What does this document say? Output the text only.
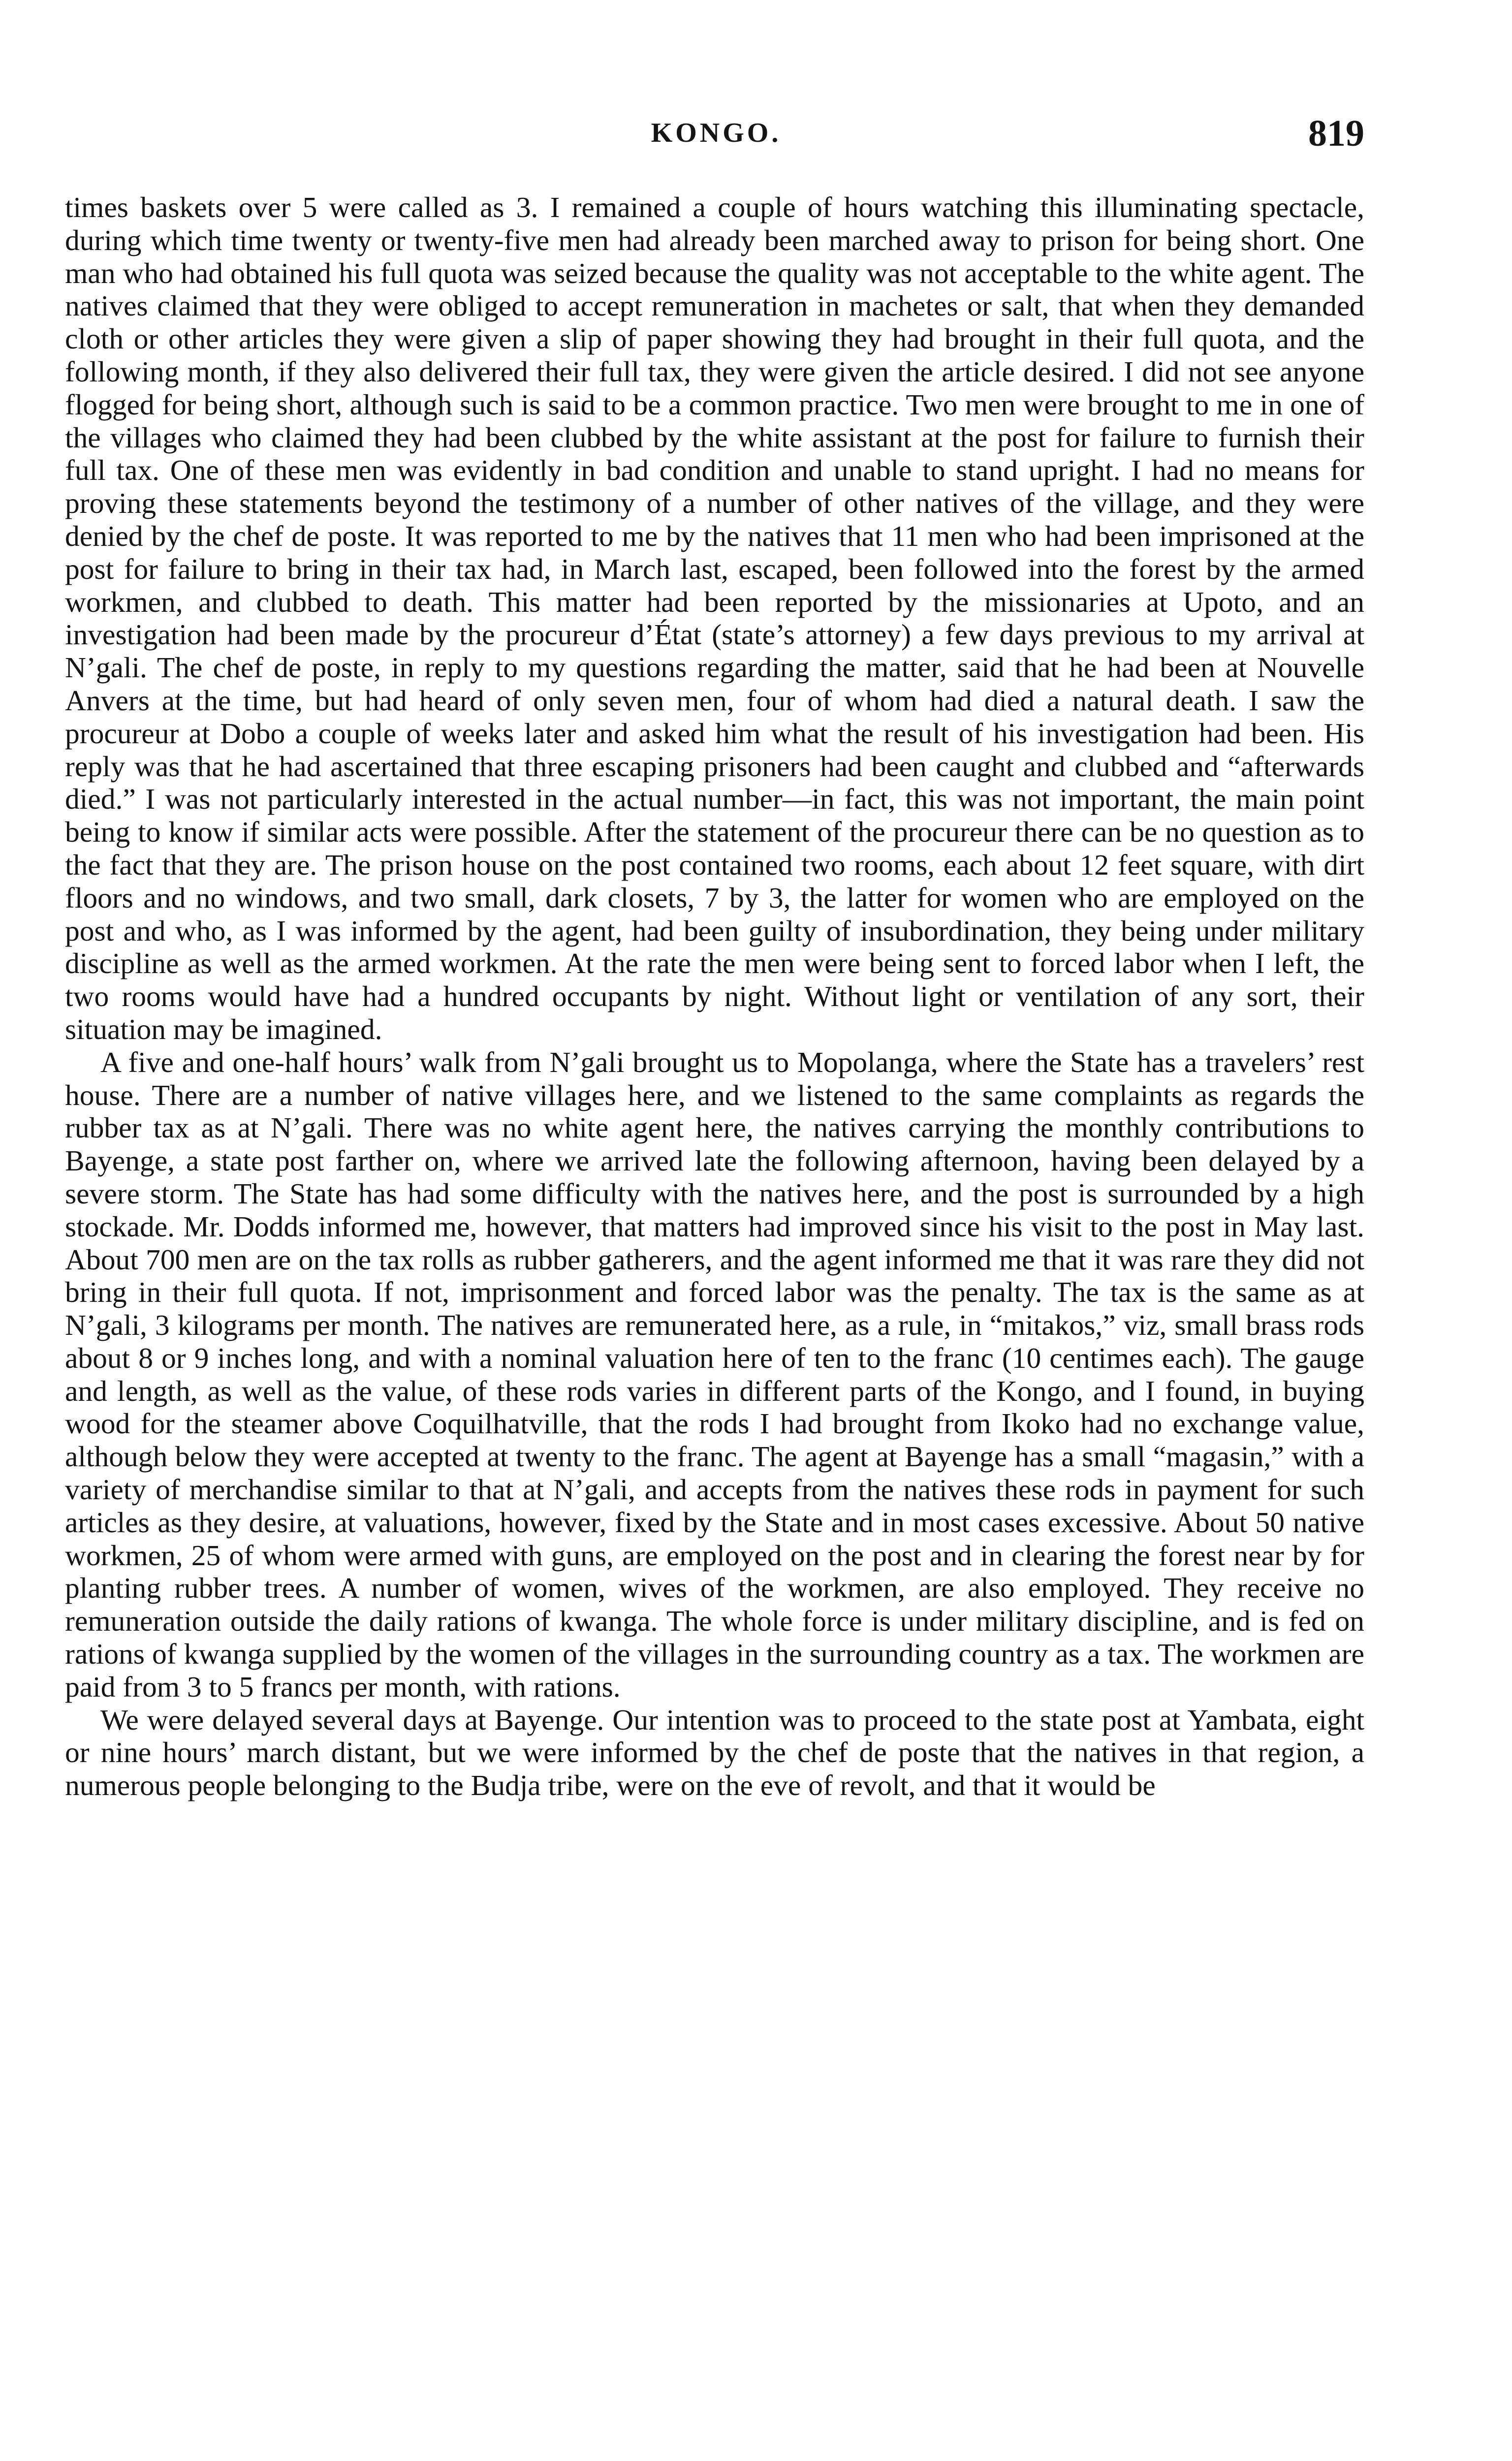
KONGO.	819

times baskets over 5 were called as 3. I remained a couple of hours watching this illuminating spectacle, during which time twenty or twenty-five men had already been marched away to prison for being short. One man who had obtained his full quota was seized because the quality was not acceptable to the white agent. The natives claimed that they were obliged to accept remuneration in machetes or salt, that when they demanded cloth or other articles they were given a slip of paper showing they had brought in their full quota, and the following month, if they also delivered their full tax, they were given the article desired. I did not see anyone flogged for being short, although such is said to be a common practice. Two men were brought to me in one of the villages who claimed they had been clubbed by the white assistant at the post for failure to furnish their full tax. One of these men was evidently in bad condition and unable to stand upright. I had no means for proving these statements beyond the testimony of a number of other natives of the village, and they were denied by the chef de poste. It was reported to me by the natives that 11 men who had been imprisoned at the post for failure to bring in their tax had, in March last, escaped, been followed into the forest by the armed workmen, and clubbed to death. This matter had been reported by the missionaries at Upoto, and an investigation had been made by the procureur d’État (state’s attorney) a few days previous to my arrival at N’gali. The chef de poste, in reply to my questions regarding the matter, said that he had been at Nouvelle Anvers at the time, but had heard of only seven men, four of whom had died a natural death. I saw the procureur at Dobo a couple of weeks later and asked him what the result of his investigation had been. His reply was that he had ascertained that three escaping prisoners had been caught and clubbed and “afterwards died.” I was not particularly interested in the actual number—in fact, this was not important, the main point being to know if similar acts were possible. After the statement of the procureur there can be no question as to the fact that they are. The prison house on the post contained two rooms, each about 12 feet square, with dirt floors and no windows, and two small, dark closets, 7 by 3, the latter for women who are employed on the post and who, as I was informed by the agent, had been guilty of insubordination, they being under military discipline as well as the armed workmen. At the rate the men were being sent to forced labor when I left, the two rooms would have had a hundred occupants by night. Without light or ventilation of any sort, their situation may be imagined.

A five and one-half hours’ walk from N’gali brought us to Mopolanga, where the State has a travelers’ rest house. There are a number of native villages here, and we listened to the same complaints as regards the rubber tax as at N’gali. There was no white agent here, the natives carrying the monthly contributions to Bayenge, a state post farther on, where we arrived late the following afternoon, having been delayed by a severe storm. The State has had some difficulty with the natives here, and the post is surrounded by a high stockade. Mr. Dodds informed me, however, that matters had improved since his visit to the post in May last. About 700 men are on the tax rolls as rubber gatherers, and the agent informed me that it was rare they did not bring in their full quota. If not, imprisonment and forced labor was the penalty. The tax is the same as at N’gali, 3 kilograms per month. The natives are remunerated here, as a rule, in “mitakos,” viz, small brass rods about 8 or 9 inches long, and with a nominal valuation here of ten to the franc (10 centimes each). The gauge and length, as well as the value, of these rods varies in different parts of the Kongo, and I found, in buying wood for the steamer above Coquilhatville, that the rods I had brought from Ikoko had no exchange value, although below they were accepted at twenty to the franc. The agent at Bayenge has a small “magasin,” with a variety of merchandise similar to that at N’gali, and accepts from the natives these rods in payment for such articles as they desire, at valuations, however, fixed by the State and in most cases excessive. About 50 native workmen, 25 of whom were armed with guns, are employed on the post and in clearing the forest near by for planting rubber trees. A number of women, wives of the workmen, are also employed. They receive no remuneration outside the daily rations of kwanga. The whole force is under military discipline, and is fed on rations of kwanga supplied by the women of the villages in the surrounding country as a tax. The workmen are paid from 3 to 5 francs per month, with rations.

We were delayed several days at Bayenge. Our intention was to proceed to the state post at Yambata, eight or nine hours’ march distant, but we were informed by the chef de poste that the natives in that region, a numerous people belonging to the Budja tribe, were on the eve of revolt, and that it would be
